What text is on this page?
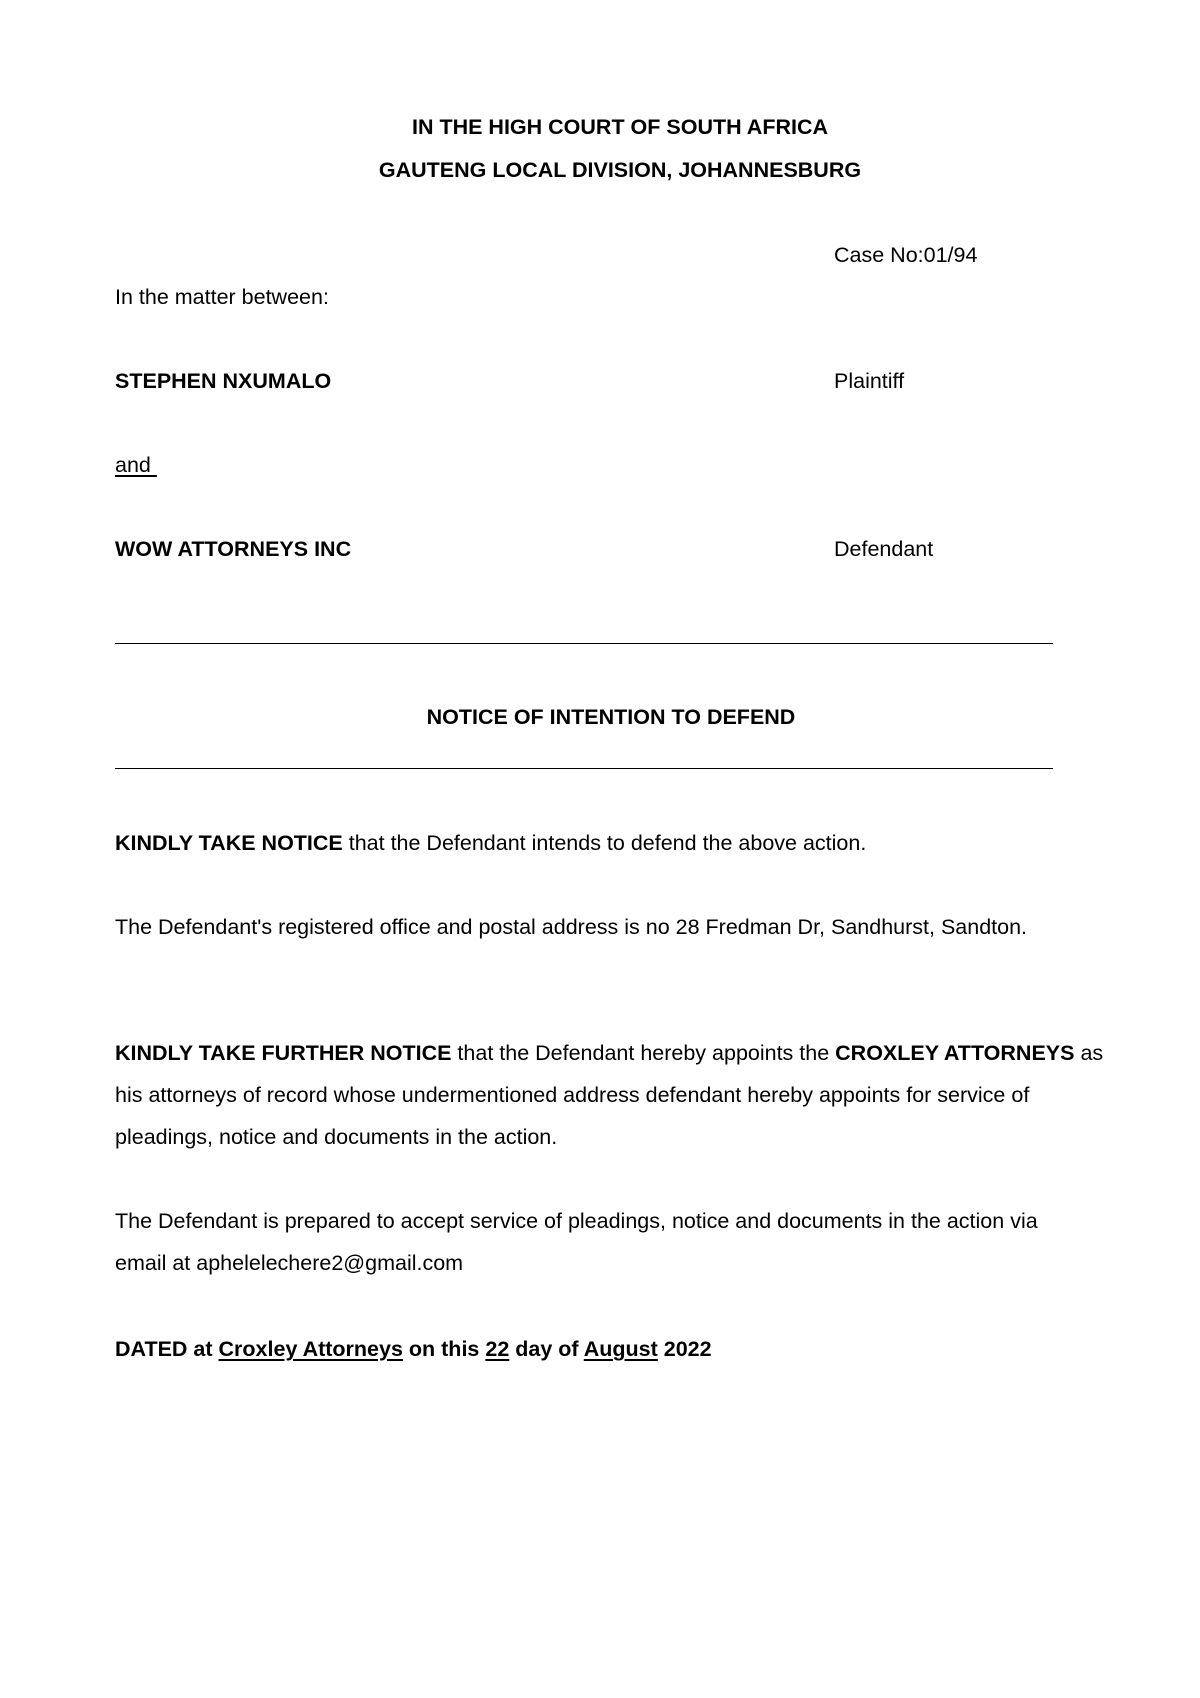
IN THE HIGH COURT OF SOUTH AFRICA
GAUTENG LOCAL DIVISION, JOHANNESBURG
Case No:01/94
In the matter between:
STEPHEN NXUMALO	Plaintiff
and
WOW ATTORNEYS INC	Defendant
NOTICE OF INTENTION TO DEFEND
KINDLY TAKE NOTICE that the Defendant intends to defend the above action.
The Defendant's registered office and postal address is no 28 Fredman Dr, Sandhurst, Sandton.
KINDLY TAKE FURTHER NOTICE that the Defendant hereby appoints the CROXLEY ATTORNEYS as his attorneys of record whose undermentioned address defendant hereby appoints for service of pleadings, notice and documents in the action.
The Defendant is prepared to accept service of pleadings, notice and documents in the action via email at aphelelechere2@gmail.com
DATED at Croxley Attorneys on this 22 day of August 2022
